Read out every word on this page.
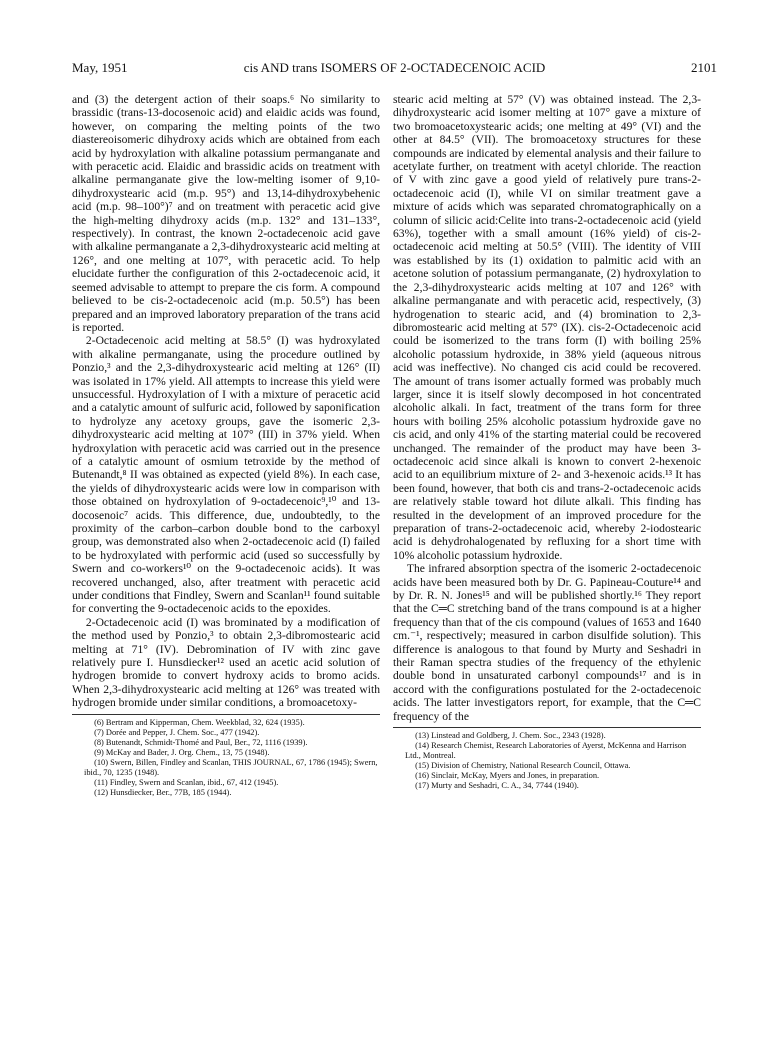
May, 1951	cis AND trans ISOMERS OF 2-OCTADECENOIC ACID	2101

and (3) the detergent action of their soaps.⁶ No similarity to brassidic (trans-13-docosenoic acid) and elaidic acids was found, however, on comparing the melting points of the two diastereoisomeric dihydroxy acids which are obtained from each acid by hydroxylation with alkaline potassium permanganate and with peracetic acid. Elaidic and brassidic acids on treatment with alkaline permanganate give the low-melting isomer of 9,10-dihydroxystearic acid (m.p. 95°) and 13,14-dihydroxybehenic acid (m.p. 98–100°)⁷ and on treatment with peracetic acid give the high-melting dihydroxy acids (m.p. 132° and 131–133°, respectively). In contrast, the known 2-octadecenoic acid gave with alkaline permanganate a 2,3-dihydroxystearic acid melting at 126°, and one melting at 107°, with peracetic acid. To help elucidate further the configuration of this 2-octadecenoic acid, it seemed advisable to attempt to prepare the cis form. A compound believed to be cis-2-octadecenoic acid (m.p. 50.5°) has been prepared and an improved laboratory preparation of the trans acid is reported.

2-Octadecenoic acid melting at 58.5° (I) was hydroxylated with alkaline permanganate, using the procedure outlined by Ponzio,³ and the 2,3-dihydroxystearic acid melting at 126° (II) was isolated in 17% yield. All attempts to increase this yield were unsuccessful. Hydroxylation of I with a mixture of peracetic acid and a catalytic amount of sulfuric acid, followed by saponification to hydrolyze any acetoxy groups, gave the isomeric 2,3-dihydroxystearic acid melting at 107° (III) in 37% yield. When hydroxylation with peracetic acid was carried out in the presence of a catalytic amount of osmium tetroxide by the method of Butenandt,⁸ II was obtained as expected (yield 8%). In each case, the yields of dihydroxystearic acids were low in comparison with those obtained on hydroxylation of 9-octadecenoic⁹,¹⁰ and 13-docosenoic⁷ acids. This difference, due, undoubtedly, to the proximity of the carbon–carbon double bond to the carboxyl group, was demonstrated also when 2-octadecenoic acid (I) failed to be hydroxylated with performic acid (used so successfully by Swern and co-workers¹⁰ on the 9-octadecenoic acids). It was recovered unchanged, also, after treatment with peracetic acid under conditions that Findley, Swern and Scanlan¹¹ found suitable for converting the 9-octadecenoic acids to the epoxides.

2-Octadecenoic acid (I) was brominated by a modification of the method used by Ponzio,³ to obtain 2,3-dibromostearic acid melting at 71° (IV). Debromination of IV with zinc gave relatively pure I. Hunsdiecker¹² used an acetic acid solution of hydrogen bromide to convert hydroxy acids to bromo acids. When 2,3-dihydroxystearic acid melting at 126° was treated with hydrogen bromide under similar conditions, a bromoacetoxy-

(6) Bertram and Kipperman, Chem. Weekblad, 32, 624 (1935).

(7) Dorée and Pepper, J. Chem. Soc., 477 (1942).

(8) Butenandt, Schmidt-Thomé and Paul, Ber., 72, 1116 (1939).

(9) McKay and Bader, J. Org. Chem., 13, 75 (1948).

(10) Swern, Billen, Findley and Scanlan, THIS JOURNAL, 67, 1786 (1945); Swern, ibid., 70, 1235 (1948).

(11) Findley, Swern and Scanlan, ibid., 67, 412 (1945).

(12) Hunsdiecker, Ber., 77B, 185 (1944).

stearic acid melting at 57° (V) was obtained instead. The 2,3-dihydroxystearic acid isomer melting at 107° gave a mixture of two bromoacetoxystearic acids; one melting at 49° (VI) and the other at 84.5° (VII). The bromoacetoxy structures for these compounds are indicated by elemental analysis and their failure to acetylate further, on treatment with acetyl chloride. The reaction of V with zinc gave a good yield of relatively pure trans-2-octadecenoic acid (I), while VI on similar treatment gave a mixture of acids which was separated chromatographically on a column of silicic acid:Celite into trans-2-octadecenoic acid (yield 63%), together with a small amount (16% yield) of cis-2-octadecenoic acid melting at 50.5° (VIII). The identity of VIII was established by its (1) oxidation to palmitic acid with an acetone solution of potassium permanganate, (2) hydroxylation to the 2,3-dihydroxystearic acids melting at 107 and 126° with alkaline permanganate and with peracetic acid, respectively, (3) hydrogenation to stearic acid, and (4) bromination to 2,3-dibromostearic acid melting at 57° (IX). cis-2-Octadecenoic acid could be isomerized to the trans form (I) with boiling 25% alcoholic potassium hydroxide, in 38% yield (aqueous nitrous acid was ineffective). No changed cis acid could be recovered. The amount of trans isomer actually formed was probably much larger, since it is itself slowly decomposed in hot concentrated alcoholic alkali. In fact, treatment of the trans form for three hours with boiling 25% alcoholic potassium hydroxide gave no cis acid, and only 41% of the starting material could be recovered unchanged. The remainder of the product may have been 3-octadecenoic acid since alkali is known to convert 2-hexenoic acid to an equilibrium mixture of 2- and 3-hexenoic acids.¹³ It has been found, however, that both cis and trans-2-octadecenoic acids are relatively stable toward hot dilute alkali. This finding has resulted in the development of an improved procedure for the preparation of trans-2-octadecenoic acid, whereby 2-iodostearic acid is dehydrohalogenated by refluxing for a short time with 10% alcoholic potassium hydroxide.

The infrared absorption spectra of the isomeric 2-octadecenoic acids have been measured both by Dr. G. Papineau-Couture¹⁴ and by Dr. R. N. Jones¹⁵ and will be published shortly.¹⁶ They report that the C═C stretching band of the trans compound is at a higher frequency than that of the cis compound (values of 1653 and 1640 cm.⁻¹, respectively; measured in carbon disulfide solution). This difference is analogous to that found by Murty and Seshadri in their Raman spectra studies of the frequency of the ethylenic double bond in unsaturated carbonyl compounds¹⁷ and is in accord with the configurations postulated for the 2-octadecenoic acids. The latter investigators report, for example, that the C═C frequency of the

(13) Linstead and Goldberg, J. Chem. Soc., 2343 (1928).

(14) Research Chemist, Research Laboratories of Ayerst, McKenna and Harrison Ltd., Montreal.

(15) Division of Chemistry, National Research Council, Ottawa.

(16) Sinclair, McKay, Myers and Jones, in preparation.

(17) Murty and Seshadri, C. A., 34, 7744 (1940).
